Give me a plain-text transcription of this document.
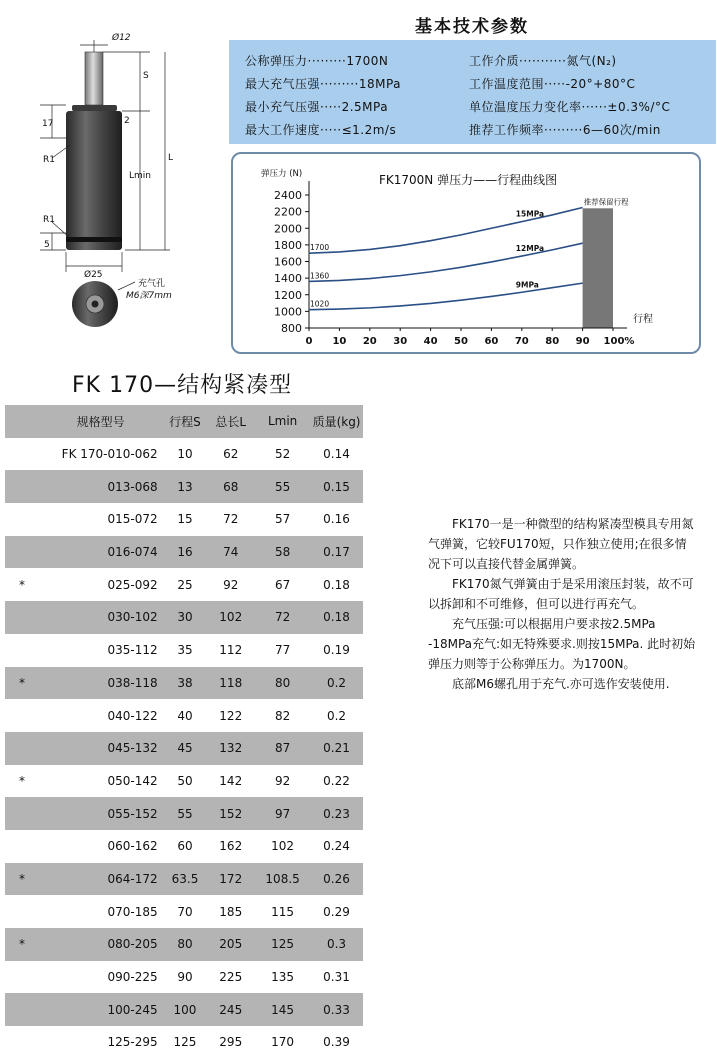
Ø12
S
17	2
R1
Lmin
L
R1
5
Ø25
充气孔
M6深7mm
基本技术参数
公称弹压力·········1700N	工作介质···········氮气(N₂)
最大充气压强·········18MPa	工作温度范围·····-20°+80°C
最小充气压强·····2.5MPa	单位温度压力变化率······±0.3%/°C
最大工作速度·····≤1.2m/s	推荐工作频率·········6—60次/min
推荐保留行程
800
1000
1200
1400
1600
1800
2000
2200
2400
0 10 20 30 40 50 60 70 80 90 100%
弹压力 (N)
行程
FK1700N 弹压力——行程曲线图
1700
15MPa
1360
12MPa
1020
9MPa
FK 170—结构紧凑型
	规格型号	行程S	总长L	Lmin	质量(kg)
	FK 170-010-062	10	62	52	0.14
	013-068	13	68	55	0.15
	015-072	15	72	57	0.16
	016-074	16	74	58	0.17
*	025-092	25	92	67	0.18
	030-102	30	102	72	0.18
	035-112	35	112	77	0.19
*	038-118	38	118	80	0.2
	040-122	40	122	82	0.2
	045-132	45	132	87	0.21
*	050-142	50	142	92	0.22
	055-152	55	152	97	0.23
	060-162	60	162	102	0.24
*	064-172	63.5	172	108.5	0.26
	070-185	70	185	115	0.29
*	080-205	80	205	125	0.3
	090-225	90	225	135	0.31
	100-245	100	245	145	0.33
	125-295	125	295	170	0.39

FK170一是一种微型的结构紧凑型模具专用氮气弹簧，它较FU170短，只作独立使用;在很多情况下可以直接代替金属弹簧。

FK170氮气弹簧由于是采用滚压封装，故不可以拆卸和不可维修，但可以进行再充气。

充气压强:可以根据用户要求按2.5MPa -18MPa充气:如无特殊要求.则按15MPa. 此时初始弹压力则等于公称弹压力。为1700N。

底部M6螺孔用于充气.亦可选作安装使用.
